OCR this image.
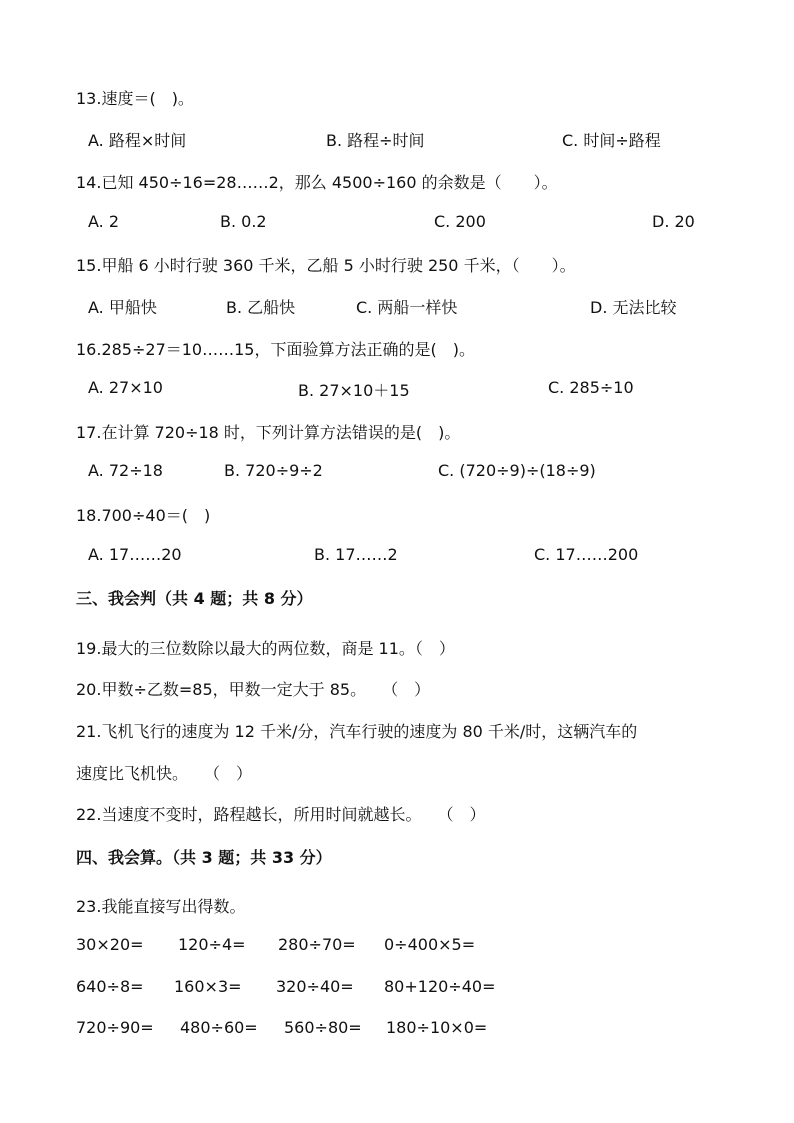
13.速度＝(　)。
A. 路程×时间	B. 路程÷时间	C. 时间÷路程
14.已知 450÷16=28……2，那么 4500÷160 的余数是（　　）。
A. 2	B. 0.2	C. 200	D. 20
15.甲船 6 小时行驶 360 千米，乙船 5 小时行驶 250 千米，（　　）。
A. 甲船快	B. 乙船快	C. 两船一样快	D. 无法比较
16.285÷27＝10……15，下面验算方法正确的是(　)。
A. 27×10	B. 27×10＋15	C. 285÷10
17.在计算 720÷18 时，下列计算方法错误的是(　)。
A. 72÷18	B. 720÷9÷2	C. (720÷9)÷(18÷9)
18.700÷40＝(　)
A. 17……20	B. 17……2	C. 17……200
三、我会判（共 4 题；共 8 分）
19.最大的三位数除以最大的两位数，商是 11。（　）
20.甲数÷乙数=85，甲数一定大于 85。　　（　）
21.飞机飞行的速度为 12 千米/分，汽车行驶的速度为 80 千米/时，这辆汽车的
速度比飞机快。　　（　）
22.当速度不变时，路程越长，所用时间就越长。　　（　）
四、我会算。（共 3 题；共 33 分）
23.我能直接写出得数。
30×20= 120÷4= 280÷70= 0÷400×5=
640÷8= 160×3= 320÷40= 80+120÷40=
720÷90= 480÷60= 560÷80= 180÷10×0=
